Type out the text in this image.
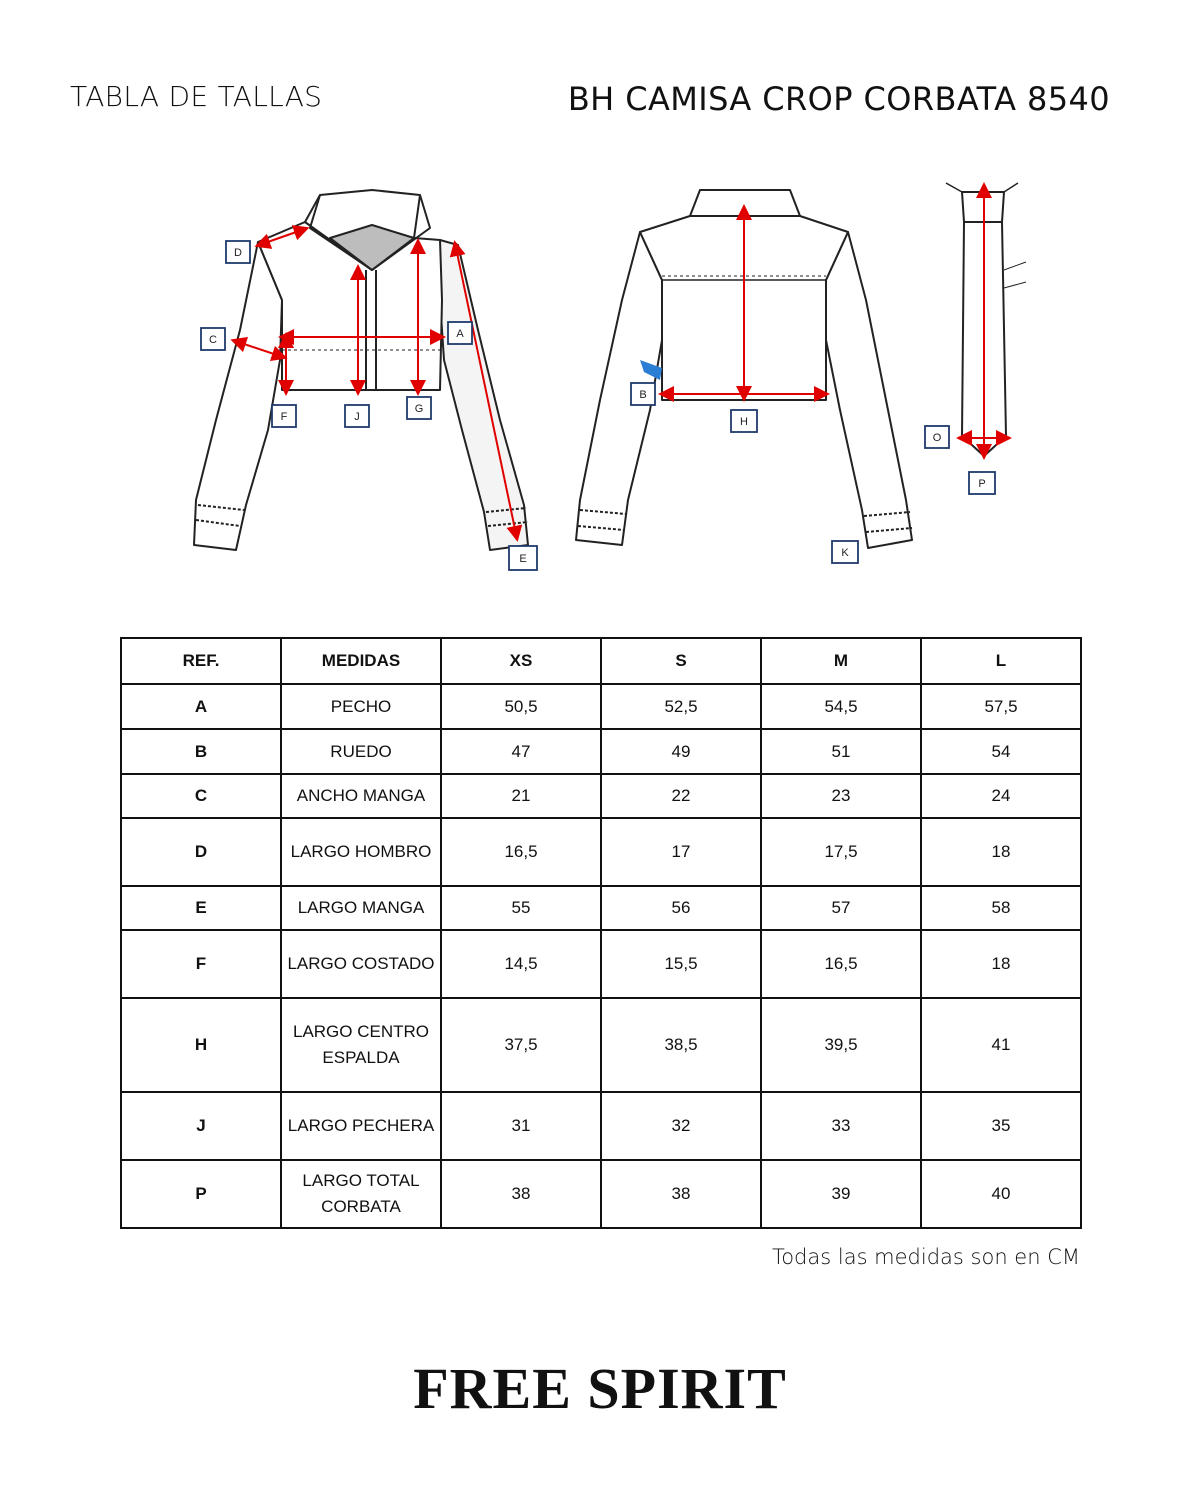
TABLA DE TALLAS	BH CAMISA CROP CORBATA 8540
D
C	A
F	J
G
E
B
H
K
O
P
REF.	MEDIDAS	XS	S	M	L
A	PECHO	50,5	52,5	54,5	57,5
B	RUEDO	47	49	51	54
C	ANCHO MANGA	21	22	23	24
D	LARGO HOMBRO	16,5	17	17,5	18
E	LARGO MANGA	55	56	57	58
F	LARGO COSTADO	14,5	15,5	16,5	18
H	LARGO CENTRO ESPALDA	37,5	38,5	39,5	41
J	LARGO PECHERA	31	32	33	35
P	LARGO TOTAL CORBATA	38	38	39	40
Todas las medidas son en CM
FREE SPIRIT
